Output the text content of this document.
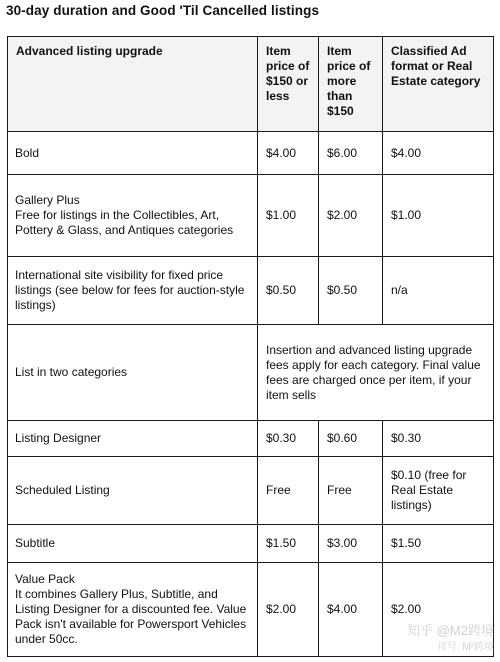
30-day duration and Good 'Til Cancelled listings
Advanced listing upgrade	Item price of $150 or less	Item price of more than $150	Classified Ad format or Real Estate category
Bold	$4.00	$6.00	$4.00
Gallery Plus
Free for listings in the Collectibles, Art, Pottery & Glass, and Antiques categories	$1.00	$2.00	$1.00
International site visibility for fixed price listings (see below for fees for auction-style listings)	$0.50	$0.50	n/a
List in two categories	Insertion and advanced listing upgrade fees apply for each category. Final value fees are charged once per item, if your item sells		
Listing Designer	$0.30	$0.60	$0.30
Scheduled Listing	Free	Free	$0.10 (free for Real Estate listings)
Subtitle	$1.50	$3.00	$1.50
Value Pack
It combines Gallery Plus, Subtitle, and Listing Designer for a discounted fee. Value Pack isn't available for Powersport Vehicles under 50cc.	$2.00	$4.00	$2.00
知乎 @M2跨境
邦号: M²跨境
